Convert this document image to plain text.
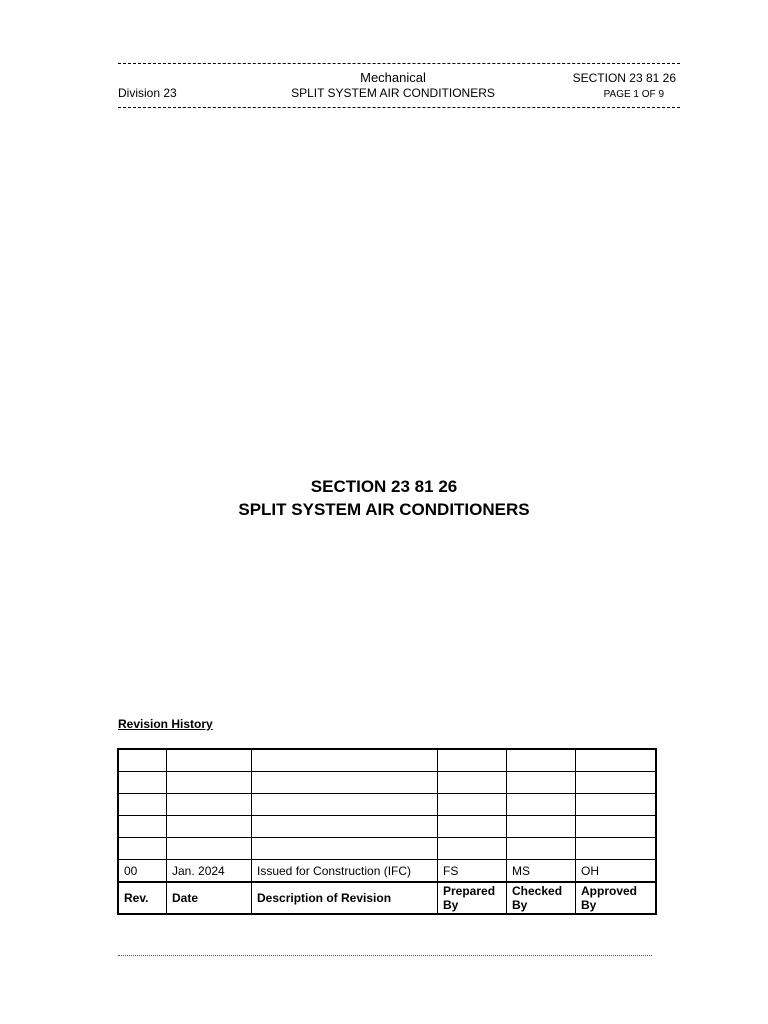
Mechanical	SECTION 23 81 26
Division 23	SPLIT SYSTEM AIR CONDITIONERS	PAGE 1 OF 9
SECTION 23 81 26
SPLIT SYSTEM AIR CONDITIONERS
Revision History

00	Jan. 2024	Issued for Construction (IFC)	FS	MS	OH
Rev.	Date	Description of Revision	Prepared By	Checked By	Approved By
